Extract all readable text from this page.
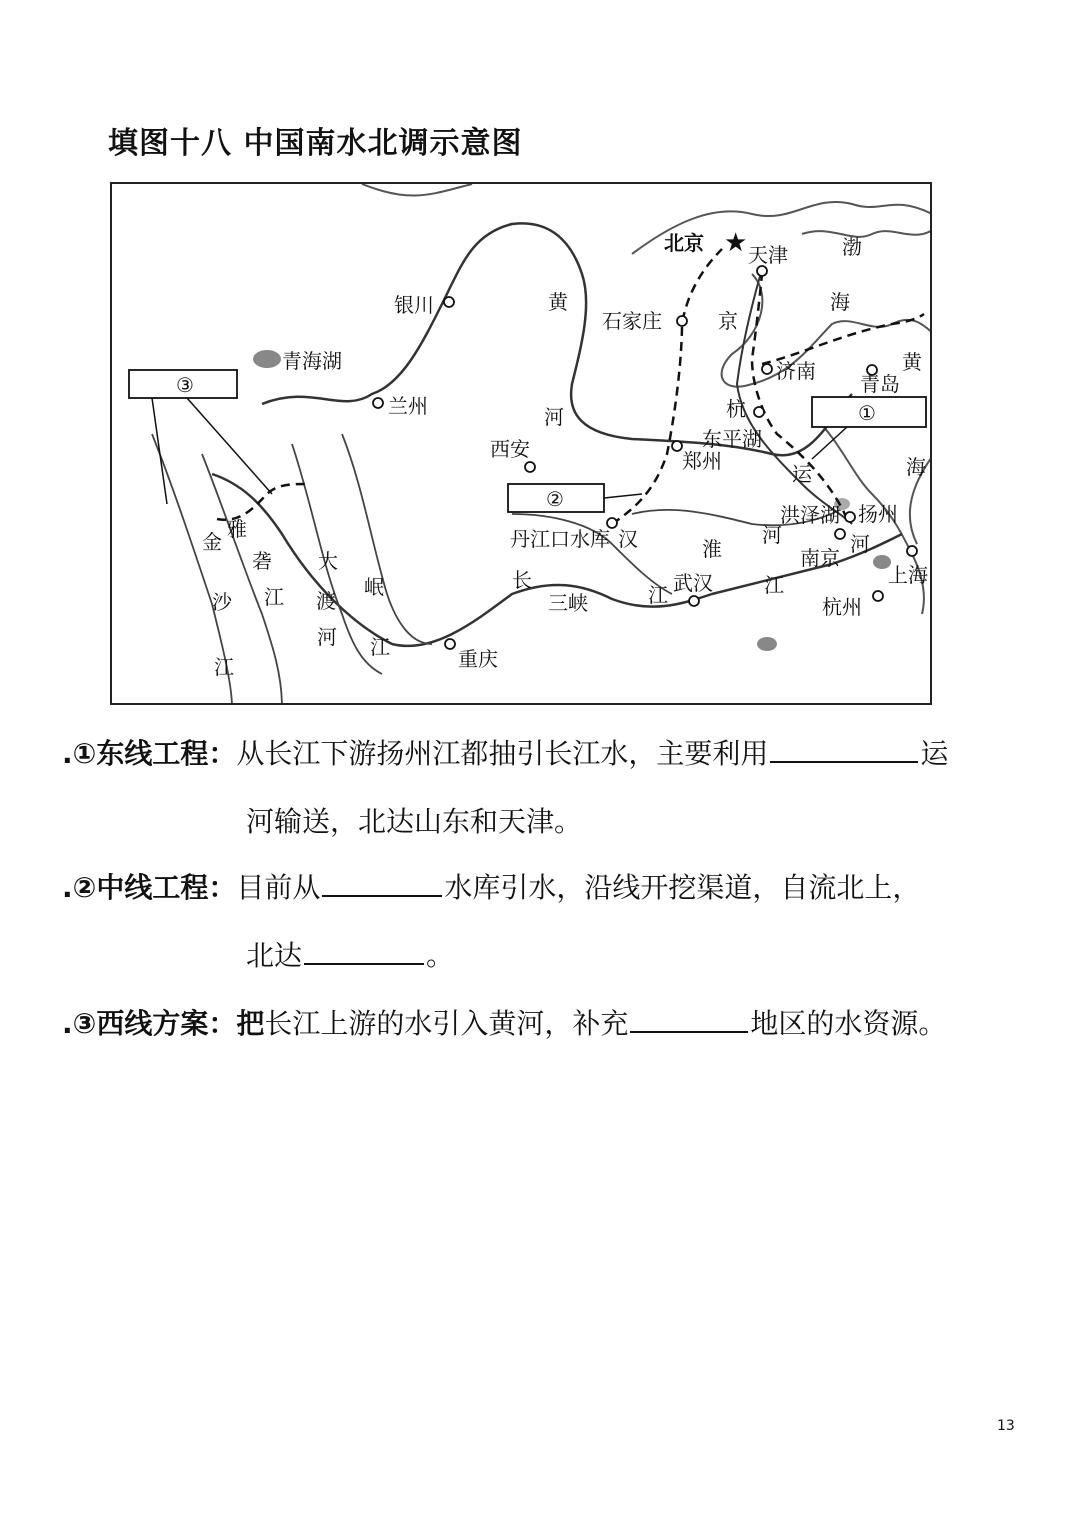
填图十八 中国南水北调示意图
③
②
①
★
北京 天津
石家庄
济南
青岛
银川
兰州
西安	郑州
武汉
重庆
南京
扬州
上海
杭州
青海湖
丹江口水库
东平湖
洪泽湖
三峡
渤
海
黄
海
京
杭
运
河
黄
河
汉	淮
河
长
江	江
金
沙
江
雅
砻
江
大
渡
河
岷
江
.①东线工程：从长江下游扬州江都抽引长江水，主要利用	运
河输送，北达山东和天津。
.②中线工程：目前从	水库引水，沿线开挖渠道，自流北上，
北达	。
.③西线方案：把长江上游的水引入黄河，补充	地区的水资源。
13
